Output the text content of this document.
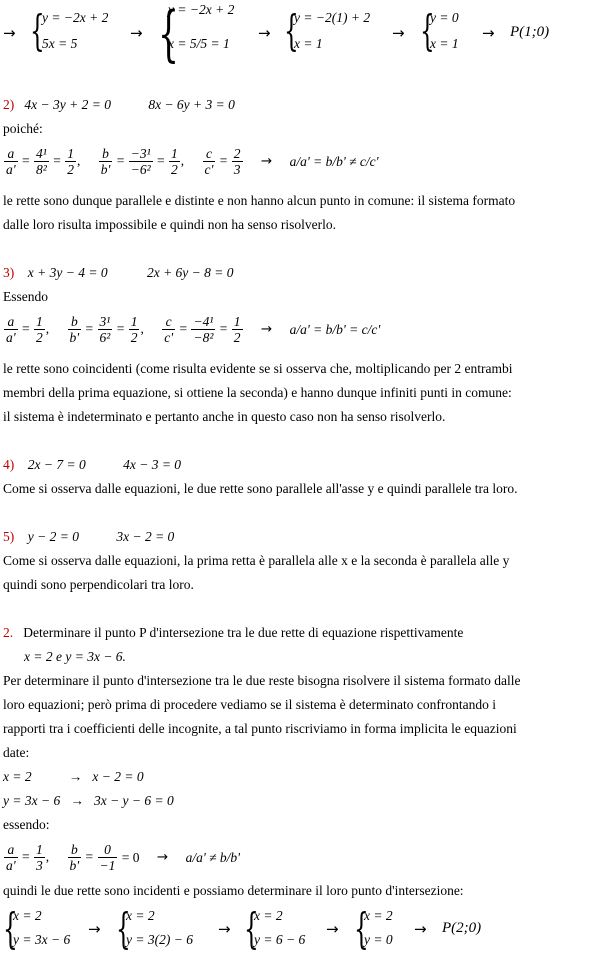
→ {
y = −2x + 2
5x = 5
→ {
y = −2x + 2
x = 5/5 = 1
→ {
y = −2(1) + 2
x = 1
→ {
y = 0
x = 1
→ P(1;0)
2) 4x − 3y + 2 = 0	8x − 6y + 3 = 0
poiché:
$\frac{a}{a'} = \frac{\text{4¹}}{\text{8²}} = \frac{1}{2}$ , $\frac{b}{b'} = \frac{\text{−3¹}}{\text{−6²}} = \frac{1}{2}$ , $\frac{c}{c'} = \frac{2}{3} \to a/a' = b/b' \ne c/c'$
le rette sono dunque parallele e distinte e non hanno alcun punto in comune: il sistema formato
dalle loro risulta impossibile e quindi non ha senso risolverlo.
3) x + 3y − 4 = 0	2x + 6y − 8 = 0
Essendo
$\frac{a}{a'} = \frac{1}{2}$ , $\frac{b}{b'} = \frac{\text{3¹}}{\text{6²}} = \frac{1}{2}$ , $\frac{c}{c'} = \frac{\text{−4¹}}{\text{−8²}} = \frac{1}{2} \to a/a' = b/b' = c/c'$
le rette sono coincidenti (come risulta evidente se si osserva che, moltiplicando per 2 entrambi
membri della prima equazione, si ottiene la seconda) e hanno dunque infiniti punti in comune:
il sistema è indeterminato e pertanto anche in questo caso non ha senso risolverlo.
4) 2x − 7 = 0	4x − 3 = 0
Come si osserva dalle equazioni, le due rette sono parallele all'asse y e quindi parallele tra loro.
5) y − 2 = 0	3x − 2 = 0
Come si osserva dalle equazioni, la prima retta è parallela alle x e la seconda è parallela alle y
quindi sono perpendicolari tra loro.
2. Determinare il punto P d'intersezione tra le due rette di equazione rispettivamente
x = 2 e y = 3x − 6.
Per determinare il punto d'intersezione tra le due reste bisogna risolvere il sistema formato dalle
loro equazioni; però prima di procedere vediamo se il sistema è determinato confrontando i
rapporti tra i coefficienti delle incognite, a tal punto riscriviamo in forma implicita le equazioni
date:
x = 2           →   x − 2 = 0
y = 3x − 6   →   3x − y − 6 = 0
essendo:
$\frac{a}{a'} = \frac{1}{3}$ , $\frac{b}{b'} = \frac{0}{-1} = 0 \to a/a' \ne b/b'$
quindi le due rette sono incidenti e possiamo determinare il loro punto d'intersezione:
{
x = 2
y = 3x − 6
→ {
x = 2
y = 3(2) − 6
→ {
x = 2
y = 6 − 6
→ {
x = 2
y = 0
→ P(2;0)
